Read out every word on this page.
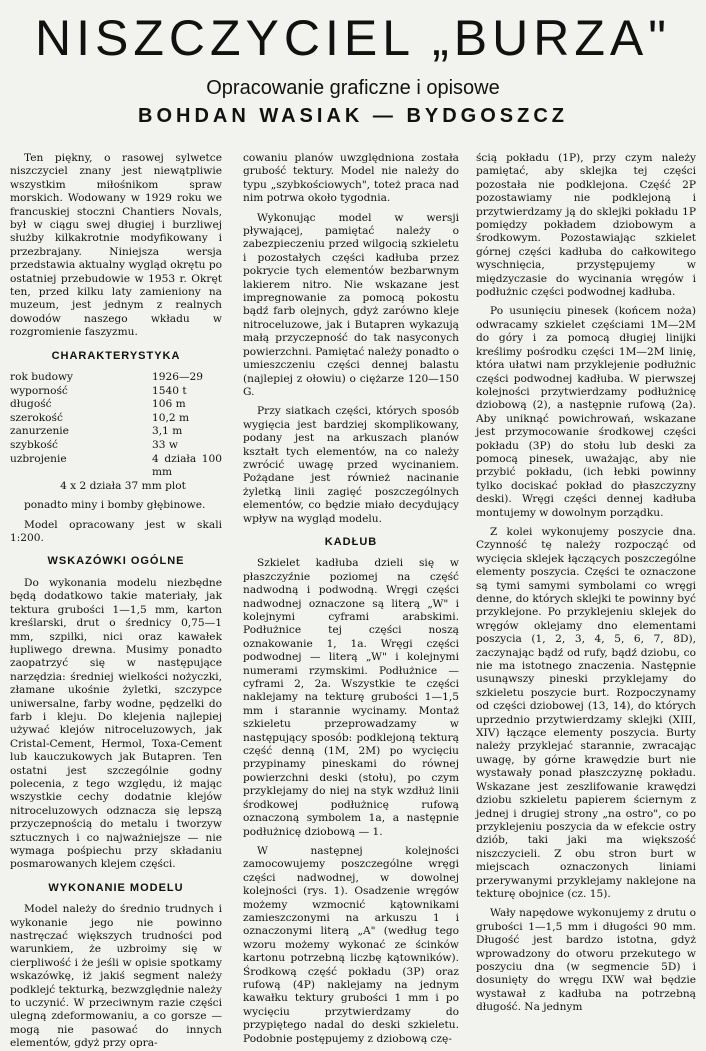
NISZCZYCIEL „BURZA"
Opracowanie graficzne i opisowe
BOHDAN WASIAK — BYDGOSZCZ

Ten piękny, o rasowej sylwetce niszczyciel znany jest niewątpliwie wszystkim miłośnikom spraw morskich. Wodowany w 1929 roku we francuskiej stoczni Chantiers Novals, był w ciągu swej długiej i burzliwej służby kilkakrotnie modyfikowany i przezbrajany. Niniejsza wersja przedstawia aktualny wygląd okrętu po ostatniej przebudowie w 1953 r. Okręt ten, przed kilku laty zamieniony na muzeum, jest jednym z realnych dowodów naszego wkładu w rozgromienie faszyzmu.

CHARAKTERYSTYKA
rok budowy	1926—29
wyporność	1540 t
długość	106 m
szerokość	10,2 m
zanurzenie	3,1 m
szybkość	33 w
uzbrojenie	4 działa 100 mm

4 x 2 działa 37 mm plot

ponadto miny i bomby głębinowe.

Model opracowany jest w skali 1:200.

WSKAZÓWKI OGÓLNE

Do wykonania modelu niezbędne będą dodatkowo takie materiały, jak tektura grubości 1—1,5 mm, karton kreślarski, drut o średnicy 0,75—1 mm, szpilki, nici oraz kawałek łupliwego drewna. Musimy ponadto zaopatrzyć się w następujące narzędzia: średniej wielkości nożyczki, złamane ukośnie żyletki, szczypce uniwersalne, farby wodne, pędzelki do farb i kleju. Do klejenia najlepiej używać klejów nitroceluzowych, jak Cristal-Cement, Hermol, Toxa-Cement lub kauczukowych jak Butapren. Ten ostatni jest szczególnie godny polecenia, z tego względu, iż mając wszystkie cechy dodatnie klejów nitroceluzowych odznacza się lepszą przyczepnością do metalu i tworzyw sztucznych i co najważniejsze — nie wymaga pośpiechu przy składaniu posmarowanych klejem części.

WYKONANIE MODELU

Model należy do średnio trudnych i wykonanie jego nie powinno nastręczać większych trudności pod warunkiem, że uzbroimy się w cierpliwość i że jeśli w opisie spotkamy wskazówkę, iż jakiś segment należy podklejć tekturką, bezwzględnie należy to uczynić. W przeciwnym razie części ulegną zdeformowaniu, a co gorsze — mogą nie pasować do innych elementów, gdyż przy opra-

cowaniu planów uwzględniona została grubość tektury. Model nie należy do typu „szybkościowych", toteż praca nad nim potrwa około tygodnia.

Wykonując model w wersji pływającej, pamiętać należy o zabezpieczeniu przed wilgocią szkieletu i pozostałych części kadłuba przez pokrycie tych elementów bezbarwnym lakierem nitro. Nie wskazane jest impregnowanie za pomocą pokostu bądź farb olejnych, gdyż zarówno kleje nitroceluzowe, jak i Butapren wykazują małą przyczepność do tak nasyconych powierzchni. Pamiętać należy ponadto o umieszczeniu części dennej balastu (najlepiej z ołowiu) o ciężarze 120—150 G.

Przy siatkach części, których sposób wygięcia jest bardziej skomplikowany, podany jest na arkuszach planów kształt tych elementów, na co należy zwrócić uwagę przed wycinaniem. Pożądane jest również nacinanie żyletką linii zagięć poszczególnych elementów, co będzie miało decydujący wpływ na wygląd modelu.

KADŁUB

Szkielet kadłuba dzieli się w płaszczyźnie poziomej na część nadwodną i podwodną. Wręgi części nadwodnej oznaczone są literą „W" i kolejnymi cyframi arabskimi. Podłużnice tej części noszą oznakowanie 1, 1a. Wręgi części podwodnej — literą „W" i kolejnymi numerami rzymskimi. Podłużnice — cyframi 2, 2a. Wszystkie te części naklejamy na tekturę grubości 1—1,5 mm i starannie wycinamy. Montaż szkieletu przeprowadzamy w następujący sposób: podklejoną tekturą część denną (1M, 2M) po wycięciu przypinamy pineskami do równej powierzchni deski (stołu), po czym przyklejamy do niej na styk wzdłuż linii środkowej podłużnicę rufową oznaczoną symbolem 1a, a następnie podłużnicę dziobową — 1.

W następnej kolejności zamocowujemy poszczególne wręgi części nadwodnej, w dowolnej kolejności (rys. 1). Osadzenie wręgów możemy wzmocnić kątownikami zamieszczonymi na arkuszu 1 i oznaczonymi literą „A" (według tego wzoru możemy wykonać ze ścinków kartonu potrzebną liczbę kątowników). Środkową część pokładu (3P) oraz rufową (4P) naklejamy na jednym kawałku tektury grubości 1 mm i po wycięciu przytwierdzamy do przypiętego nadal do deski szkieletu. Podobnie postępujemy z dziobową czę-

ścią pokładu (1P), przy czym należy pamiętać, aby sklejka tej części pozostała nie podklejona. Część 2P pozostawiamy nie podklejoną i przytwierdzamy ją do sklejki pokładu 1P pomiędzy pokładem dziobowym a środkowym. Pozostawiając szkielet górnej części kadłuba do całkowitego wyschnięcia, przystępujemy w międzyczasie do wycinania wręgów i podłużnic części podwodnej kadłuba.

Po usunięciu pinesek (końcem noża) odwracamy szkielet częściami 1M—2M do góry i za pomocą długiej linijki kreślimy pośrodku części 1M—2M linię, która ułatwi nam przyklejenie podłużnic części podwodnej kadłuba. W pierwszej kolejności przytwierdzamy podłużnicę dziobową (2), a następnie rufową (2a). Aby uniknąć powichrowań, wskazane jest przymocowanie środkowej części pokładu (3P) do stołu lub deski za pomocą pinesek, uważając, aby nie przybić pokładu, (ich łebki powinny tylko dociskać pokład do płaszczyzny deski). Wręgi części dennej kadłuba montujemy w dowolnym porządku.

Z kolei wykonujemy poszycie dna. Czynność tę należy rozpocząć od wycięcia sklejek łączących poszczególne elementy poszycia. Części te oznaczone są tymi samymi symbolami co wręgi denne, do których sklejki te powinny być przyklejone. Po przyklejeniu sklejek do wręgów oklejamy dno elementami poszycia (1, 2, 3, 4, 5, 6, 7, 8D), zaczynając bądź od rufy, bądź dziobu, co nie ma istotnego znaczenia. Następnie usunąwszy pineski przyklejamy do szkieletu poszycie burt. Rozpoczynamy od części dziobowej (13, 14), do których uprzednio przytwierdzamy sklejki (XIII, XIV) łączące elementy poszycia. Burty należy przyklejać starannie, zwracając uwagę, by górne krawędzie burt nie wystawały ponad płaszczyznę pokładu. Wskazane jest zeszlifowanie krawędzi dziobu szkieletu papierem ściernym z jednej i drugiej strony „na ostro", co po przyklejeniu poszycia da w efekcie ostry dziób, taki jaki ma większość niszczycieli. Z obu stron burt w miejscach oznaczonych liniami przerywanymi przyklejamy naklejone na tekturę obojnice (cz. 15).

Wały napędowe wykonujemy z drutu o grubości 1—1,5 mm i długości 90 mm. Długość jest bardzo istotna, gdyż wprowadzony do otworu przekutego w poszyciu dna (w segmencie 5D) i dosunięty do wręgu IXW wał będzie wystawał z kadłuba na potrzebną długość. Na jednym
